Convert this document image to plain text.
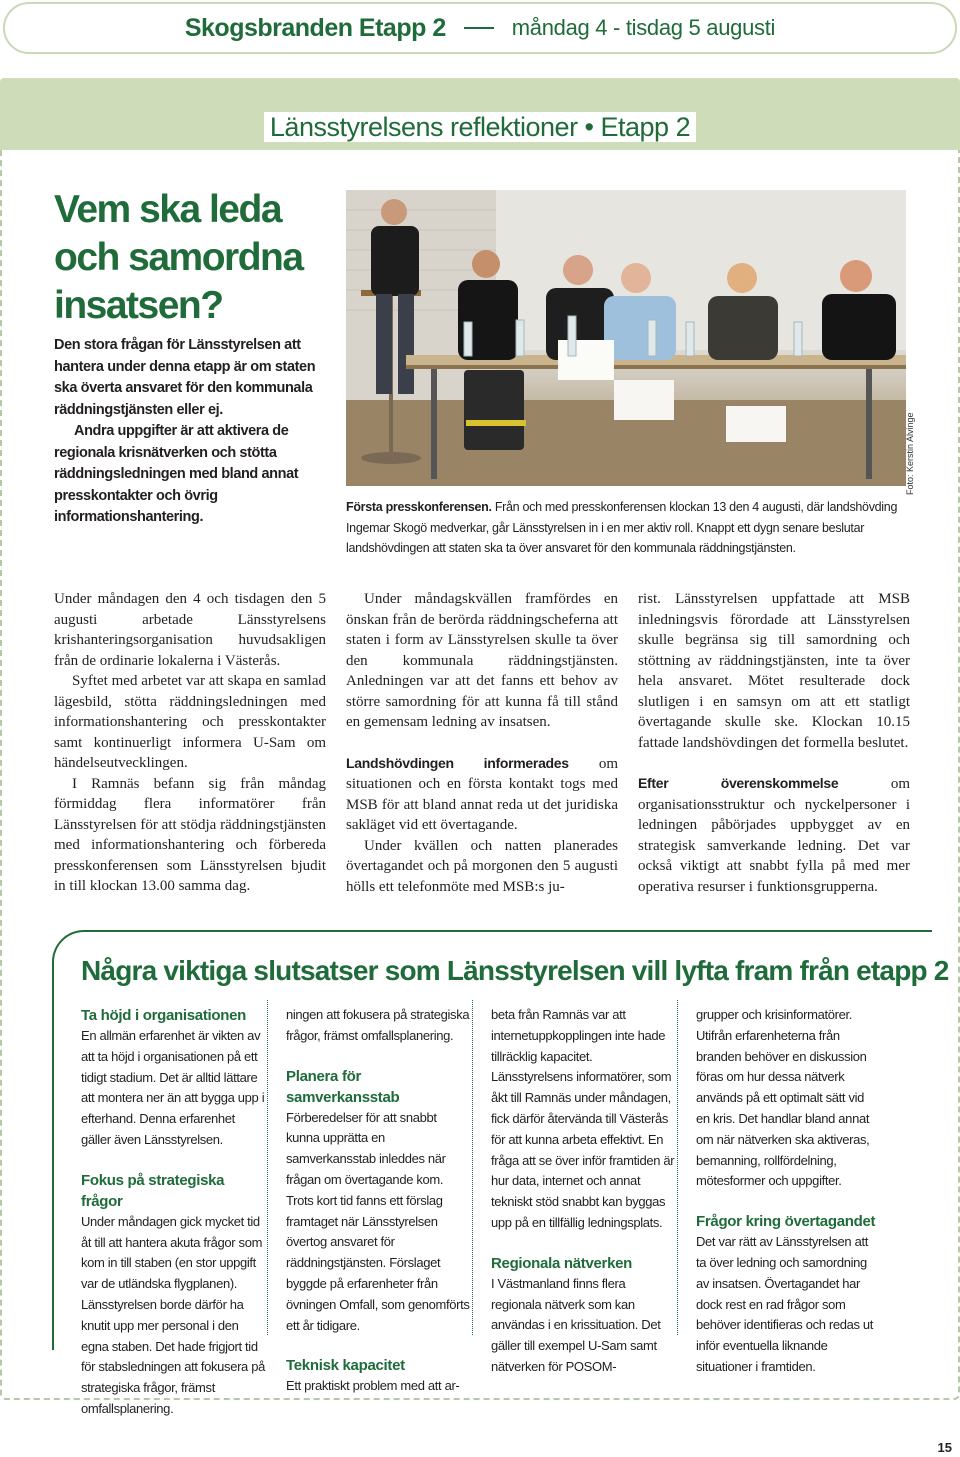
Skogsbranden Etapp 2	måndag 4 - tisdag 5 augusti
Länsstyrelsens reflektioner • Etapp 2
Vem ska leda och samordna insatsen?

Den stora frågan för Länsstyrelsen att hantera under denna etapp är om staten ska överta ansvaret för den kommunala räddningstjänsten eller ej.

Andra uppgifter är att aktivera de regionala krisnätverken och stötta räddningsledningen med bland annat presskontakter och övrig informationshantering.

Foto: Kerstin Alvinge

Första presskonferensen. Från och med presskonferensen klockan 13 den 4 augusti, där landshövding Ingemar Skogö medverkar, går Länsstyrelsen in i en mer aktiv roll. Knappt ett dygn senare beslutar landshövdingen att staten ska ta över ansvaret för den kommunala räddningstjänsten.

Under måndagen den 4 och tisdagen den 5 augusti arbetade Länsstyrelsens krishanteringsorganisation huvudsakligen från de ordinarie lokalerna i Västerås.

Syftet med arbetet var att skapa en samlad lägesbild, stötta räddningsledningen med informationshantering och presskontakter samt kontinuerligt informera U-Sam om händelseutvecklingen.

I Ramnäs befann sig från måndag förmiddag flera informatörer från Länsstyrelsen för att stödja räddningstjänsten med informationshantering och förbereda presskonferensen som Länsstyrelsen bjudit in till klockan 13.00 samma dag.

Under måndagskvällen framfördes en önskan från de berörda räddningscheferna att staten i form av Länsstyrelsen skulle ta över den kommunala räddningstjänsten. Anledningen var att det fanns ett behov av större samordning för att kunna få till stånd en gemensam ledning av insatsen.

Landshövdingen informerades om situationen och en första kontakt togs med MSB för att bland annat reda ut det juridiska sakläget vid ett övertagande.

Under kvällen och natten planerades övertagandet och på morgonen den 5 augusti hölls ett telefonmöte med MSB:s ju-

rist. Länsstyrelsen uppfattade att MSB inledningsvis förordade att Länsstyrelsen skulle begränsa sig till samordning och stöttning av räddningstjänsten, inte ta över hela ansvaret. Mötet resulterade dock slutligen i en samsyn om att ett statligt övertagande skulle ske. Klockan 10.15 fattade landshövdingen det formella beslutet.

Efter överenskommelse om organisationsstruktur och nyckelpersoner i ledningen påbörjades uppbygget av en strategisk samverkande ledning. Det var också viktigt att snabbt fylla på med mer operativa resurser i funktionsgrupperna.

Några viktiga slutsatser som Länsstyrelsen vill lyfta fram från etapp 2
Ta höjd i organisationen

En allmän erfarenhet är vikten av att ta höjd i organisationen på ett tidigt stadium. Det är alltid lättare att montera ner än att bygga upp i efterhand. Denna erfarenhet gäller även Länsstyrelsen.

Fokus på strategiska frågor

Under måndagen gick mycket tid åt till att hantera akuta frågor som kom in till staben (en stor uppgift var de utländska flygplanen). Länsstyrelsen borde därför ha knutit upp mer personal i den egna staben. Det hade frigjort tid för stabsledningen att fokusera på strategiska frågor, främst omfallsplanering.

ningen att fokusera på strategiska frågor, främst omfallsplanering.

Planera för samverkansstab

Förberedelser för att snabbt kunna upprätta en samverkansstab inleddes när frågan om övertagande kom. Trots kort tid fanns ett förslag framtaget när Länsstyrelsen övertog ansvaret för räddningstjänsten. Förslaget byggde på erfarenheter från övningen Omfall, som genomförts ett år tidigare.

Teknisk kapacitet

Ett praktiskt problem med att ar-

beta från Ramnäs var att internetuppkopplingen inte hade tillräcklig kapacitet. Länsstyrelsens informatörer, som åkt till Ramnäs under måndagen, fick därför återvända till Västerås för att kunna arbeta effektivt. En fråga att se över inför framtiden är hur data, internet och annat tekniskt stöd snabbt kan byggas upp på en tillfällig ledningsplats.

Regionala nätverken

I Västmanland finns flera regionala nätverk som kan användas i en krissituation. Det gäller till exempel U-Sam samt nätverken för POSOM-

grupper och krisinformatörer. Utifrån erfarenheterna från branden behöver en diskussion föras om hur dessa nätverk används på ett optimalt sätt vid en kris. Det handlar bland annat om när nätverken ska aktiveras, bemanning, rollfördelning, mötesformer och uppgifter.

Frågor kring övertagandet

Det var rätt av Länsstyrelsen att ta över ledning och samordning av insatsen. Övertagandet har dock rest en rad frågor som behöver identifieras och redas ut inför eventuella liknande situationer i framtiden.

15
